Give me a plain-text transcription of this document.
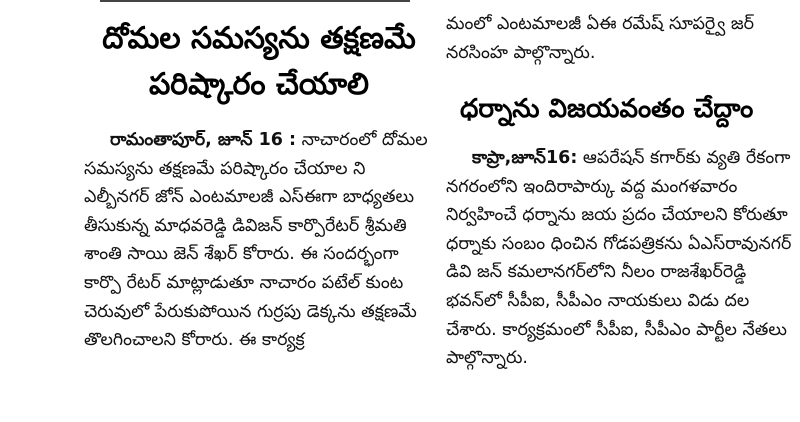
దోమల సమస్యను తక్షణమే
పరిష్కారం చేయాలి

రామంతాపూర్, జూన్ 16 : నాచారంలో దోమల సమస్యను తక్షణమే పరిష్కారం చేయాల ని ఎల్బీనగర్ జోన్ ఎంటమాలజీ ఎస్ఈగా బాధ్యతలు తీసుకున్న మాధవరెడ్డి డివిజన్ కార్పొరేటర్ శ్రీమతి శాంతి సాయి జెన్ శేఖర్ కోరారు. ఈ సందర్భంగా కార్పొ రేటర్ మాట్లాడుతూ నాచారం పటేల్ కుంట చెరువులో పేరుకుపోయిన గుర్రపు డెక్కను తక్షణమే తొలగించాలని కోరారు. ఈ కార్యక్ర

మంలో ఎంటమాలజీ ఏఈ రమేష్ సూపర్వై జర్ నరసింహ పాల్గొన్నారు.
ధర్నాను విజయవంతం చేద్దాం

కాప్రా,జూన్16: ఆపరేషన్ కగార్‌కు వ్యతి రేకంగా నగరంలోని ఇందిరాపార్కు వద్ద మంగళవారం నిర్వహించే ధర్నాను జయ ప్రదం చేయాలని కోరుతూ ధర్నాకు సంబం ధించిన గోడపత్రికను ఏఎస్‌రావునగర్ డివి జన్ కమలానగర్‌లోని నీలం రాజశేఖర్‌రెడ్డి భవన్‌లో సీపీఐ, సీపీఎం నాయకులు విడు దల చేశారు. కార్యక్రమంలో సీపీఐ, సీపీఎం పార్టీల నేతలు పాల్గొన్నారు.
